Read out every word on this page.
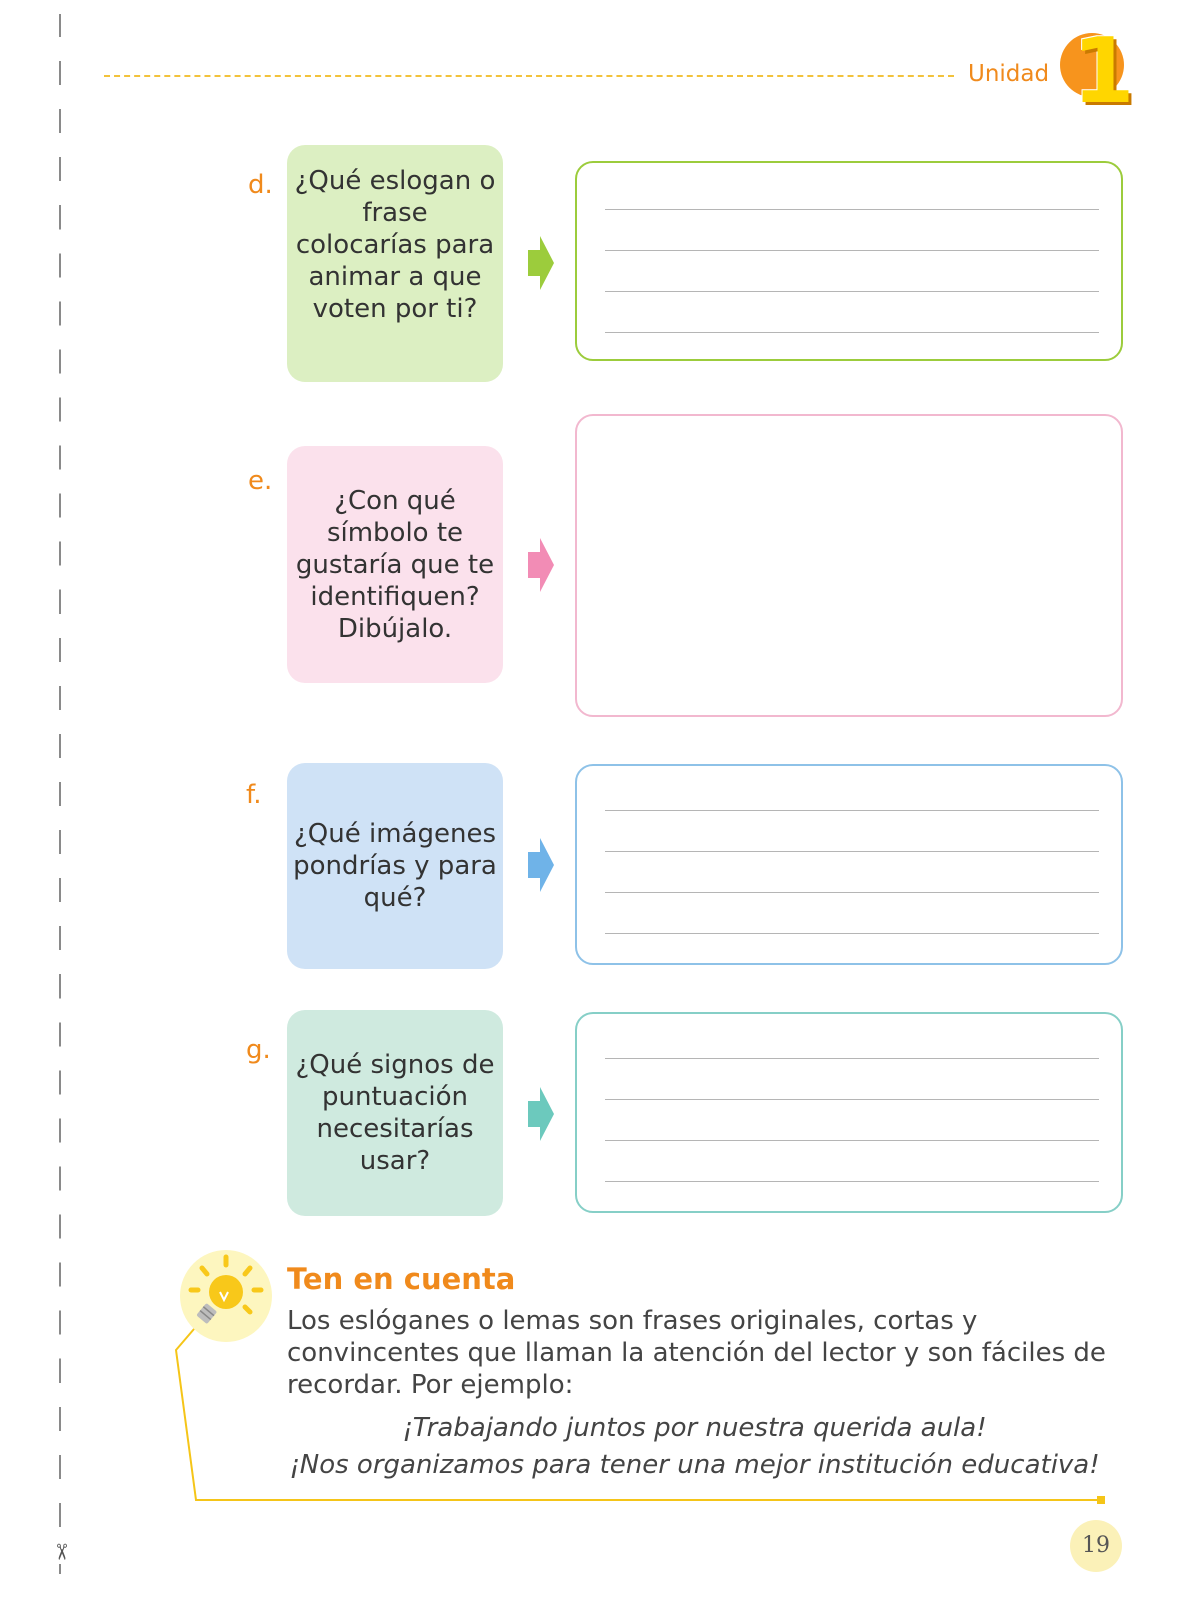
✂
Unidad 1
d. ¿Qué eslogan o frase colocarías para animar a que voten por ti?
e.
¿Con qué símbolo te gustaría que te identifiquen? Dibújalo.
f.
¿Qué imágenes pondrías y para qué?
g. ¿Qué signos de puntuación necesitarías usar?
Ten en cuenta
Los eslóganes o lemas son frases originales, cortas y convincentes que llaman la atención del lector y son fáciles de recordar. Por ejemplo:
¡Trabajando juntos por nuestra querida aula!
¡Nos organizamos para tener una mejor institución educativa!
19
